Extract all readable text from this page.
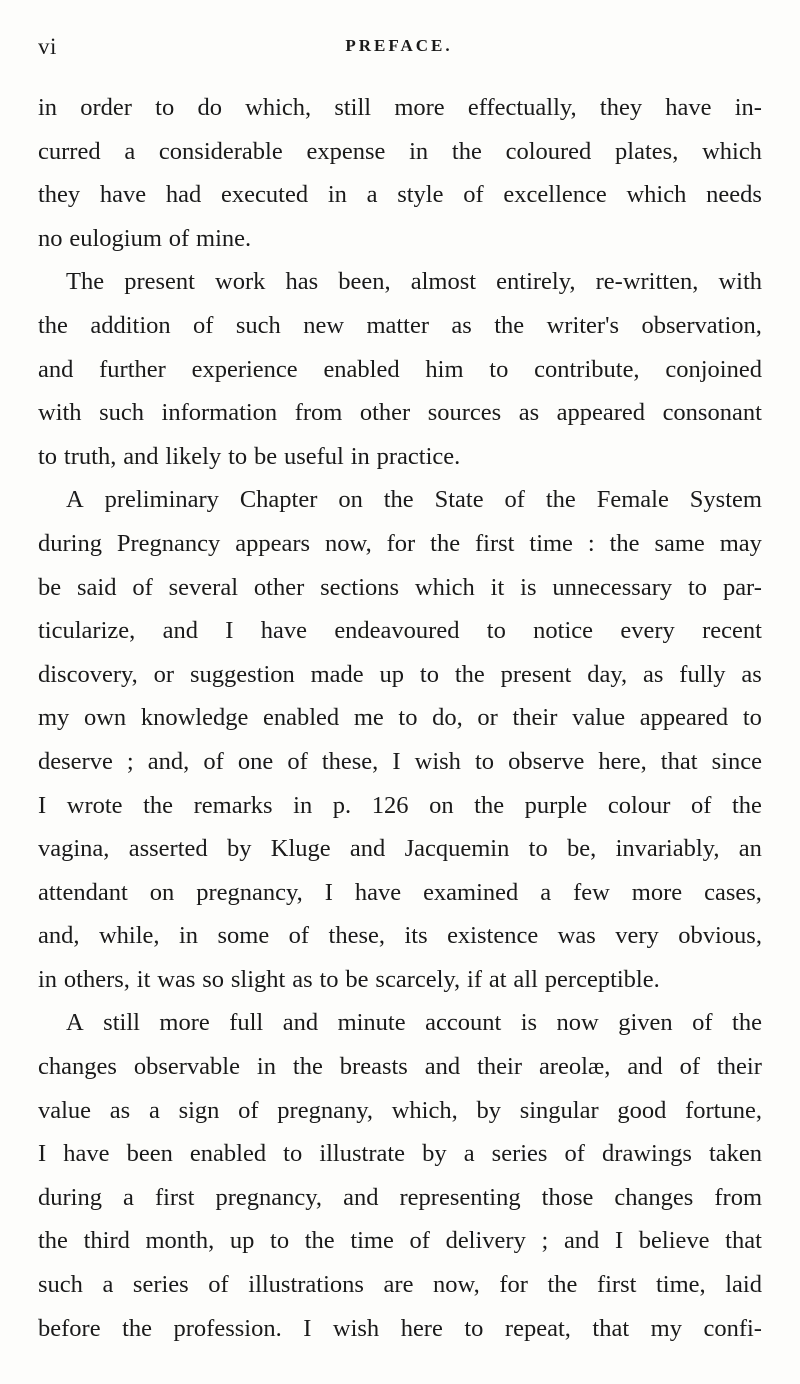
vi	PREFACE.
in order to do which, still more effectually, they have in-
curred a considerable expense in the coloured plates, which
they have had executed in a style of excellence which needs
no eulogium of mine.
The present work has been, almost entirely, re-written, with
the addition of such new matter as the writer's observation,
and further experience enabled him to contribute, conjoined
with such information from other sources as appeared consonant
to truth, and likely to be useful in practice.
A preliminary Chapter on the State of the Female System
during Pregnancy appears now, for the first time : the same may
be said of several other sections which it is unnecessary to par-
ticularize, and I have endeavoured to notice every recent
discovery, or suggestion made up to the present day, as fully as
my own knowledge enabled me to do, or their value appeared to
deserve ; and, of one of these, I wish to observe here, that since
I wrote the remarks in p. 126 on the purple colour of the
vagina, asserted by Kluge and Jacquemin to be, invariably, an
attendant on pregnancy, I have examined a few more cases,
and, while, in some of these, its existence was very obvious,
in others, it was so slight as to be scarcely, if at all perceptible.
A still more full and minute account is now given of the
changes observable in the breasts and their areolæ, and of their
value as a sign of pregnany, which, by singular good fortune,
I have been enabled to illustrate by a series of drawings taken
during a first pregnancy, and representing those changes from
the third month, up to the time of delivery ; and I believe that
such a series of illustrations are now, for the first time, laid
before the profession. I wish here to repeat, that my confi-
